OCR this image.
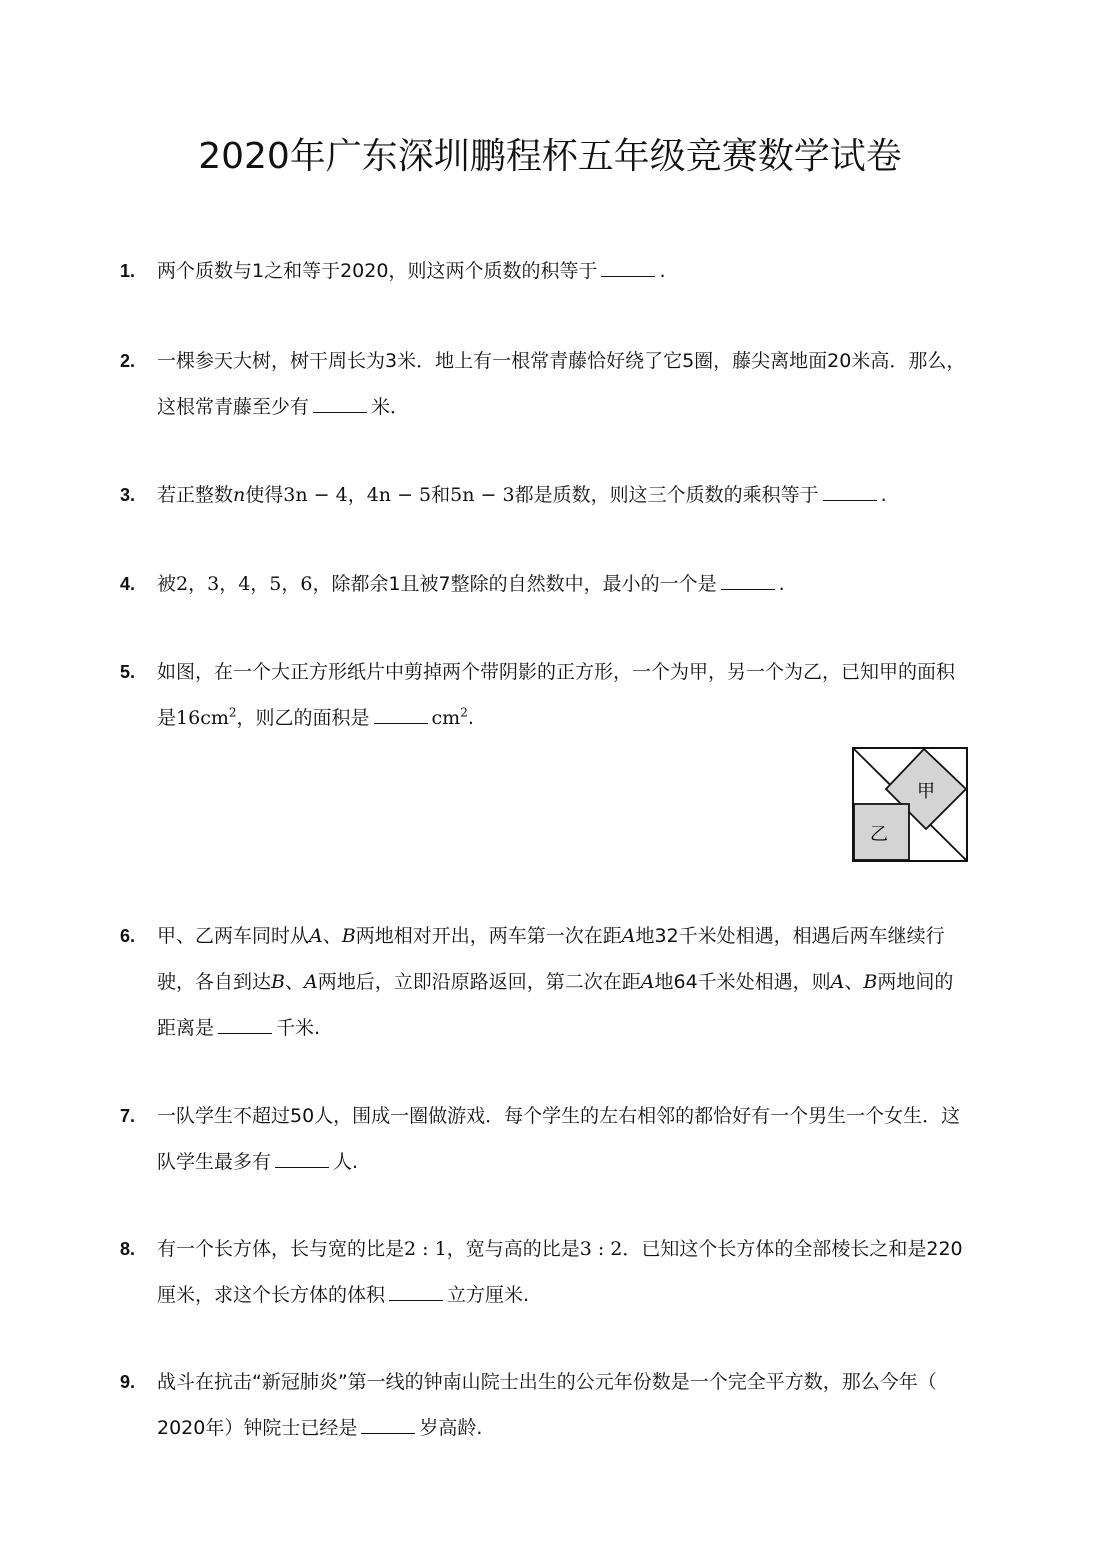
2020年广东深圳鹏程杯五年级竞赛数学试卷
1. 两个质数与1之和等于2020，则这两个质数的积等于	.
2. 一棵参天大树，树干周长为3米．地上有一根常青藤恰好绕了它5圈，藤尖离地面20米高．那么，
这根常青藤至少有	米．
3. 若正整数n使得3n − 4，4n − 5和5n − 3都是质数，则这三个质数的乘积等于	.
4. 被2，3，4，5，6，除都余1且被7整除的自然数中，最小的一个是	.
5. 如图，在一个大正方形纸片中剪掉两个带阴影的正方形，一个为甲，另一个为乙，已知甲的面积
是$16cm^2$，则乙的面积是	$cm^2$.
甲
乙
6. 甲、乙两车同时从A、B两地相对开出，两车第一次在距A地32千米处相遇，相遇后两车继续行
驶，各自到达B、A两地后，立即沿原路返回，第二次在距A地64千米处相遇，则A、B两地间的
距离是	千米.
7. 一队学生不超过50人，围成一圈做游戏．每个学生的左右相邻的都恰好有一个男生一个女生．这
队学生最多有	人.
8. 有一个长方体，长与宽的比是2 : 1，宽与高的比是3 : 2．已知这个长方体的全部棱长之和是220
厘米，求这个长方体的体积	立方厘米.
9. 战斗在抗击“新冠肺炎”第一线的钟南山院士出生的公元年份数是一个完全平方数，那么今年（
2020年）钟院士已经是	岁高龄.
